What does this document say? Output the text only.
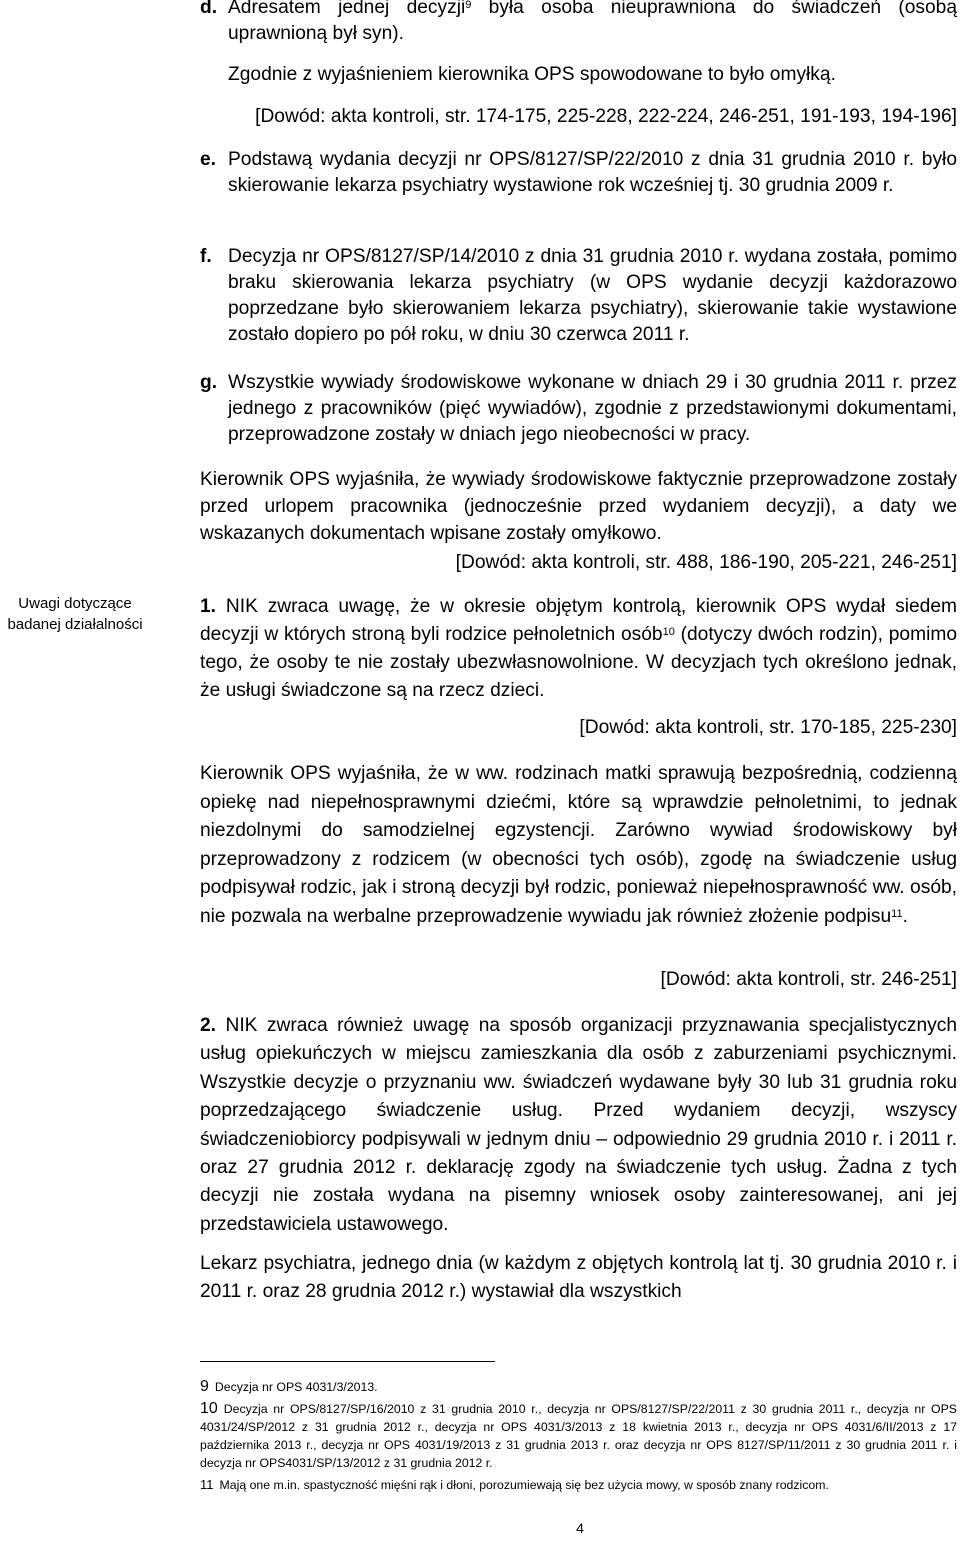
Uwagi dotyczące
badanej działalności
d. Adresatem jednej decyzji$^9$ była osoba nieuprawniona do świadczeń (osobą uprawnioną był syn).
Zgodnie z wyjaśnieniem kierownika OPS spowodowane to było omyłką.
[Dowód: akta kontroli, str. 174-175, 225-228, 222-224, 246-251, 191-193, 194-196]
e. Podstawą wydania decyzji nr OPS/8127/SP/22/2010 z dnia 31 grudnia 2010 r. było skierowanie lekarza psychiatry wystawione rok wcześniej tj. 30 grudnia 2009 r.
f. Decyzja nr OPS/8127/SP/14/2010 z dnia 31 grudnia 2010 r. wydana została, pomimo braku skierowania lekarza psychiatry (w OPS wydanie decyzji każdorazowo poprzedzane było skierowaniem lekarza psychiatry), skierowanie takie wystawione zostało dopiero po pół roku, w dniu 30 czerwca 2011 r.
g. Wszystkie wywiady środowiskowe wykonane w dniach 29 i 30 grudnia 2011 r. przez jednego z pracowników (pięć wywiadów), zgodnie z przedstawionymi dokumentami, przeprowadzone zostały w dniach jego nieobecności w pracy.

Kierownik OPS wyjaśniła, że wywiady środowiskowe faktycznie przeprowadzone zostały przed urlopem pracownika (jednocześnie przed wydaniem decyzji), a daty we wskazanych dokumentach wpisane zostały omyłkowo.

[Dowód: akta kontroli, str. 488, 186-190, 205-221, 246-251]

1. NIK zwraca uwagę, że w okresie objętym kontrolą, kierownik OPS wydał siedem decyzji w których stroną byli rodzice pełnoletnich osób$^{10}$ (dotyczy dwóch rodzin), pomimo tego, że osoby te nie zostały ubezwłasnowolnione. W decyzjach tych określono jednak, że usługi świadczone są na rzecz dzieci.

[Dowód: akta kontroli, str. 170-185, 225-230]

Kierownik OPS wyjaśniła, że w ww. rodzinach matki sprawują bezpośrednią, codzienną opiekę nad niepełnosprawnymi dziećmi, które są wprawdzie pełnoletnimi, to jednak niezdolnymi do samodzielnej egzystencji. Zarówno wywiad środowiskowy był przeprowadzony z rodzicem (w obecności tych osób), zgodę na świadczenie usług podpisywał rodzic, jak i stroną decyzji był rodzic, ponieważ niepełnosprawność ww. osób, nie pozwala na werbalne przeprowadzenie wywiadu jak również złożenie podpisu$^{11}$.

[Dowód: akta kontroli, str. 246-251]

2. NIK zwraca również uwagę na sposób organizacji przyznawania specjalistycznych usług opiekuńczych w miejscu zamieszkania dla osób z zaburzeniami psychicznymi. Wszystkie decyzje o przyznaniu ww. świadczeń wydawane były 30 lub 31 grudnia roku poprzedzającego świadczenie usług. Przed wydaniem decyzji, wszyscy świadczeniobiorcy podpisywali w jednym dniu – odpowiednio 29 grudnia 2010 r. i 2011 r. oraz 27 grudnia 2012 r. deklarację zgody na świadczenie tych usług. Żadna z tych decyzji nie została wydana na pisemny wniosek osoby zainteresowanej, ani jej przedstawiciela ustawowego.

Lekarz psychiatra, jednego dnia (w każdym z objętych kontrolą lat tj. 30 grudnia 2010 r. i 2011 r. oraz 28 grudnia 2012 r.) wystawiał dla wszystkich

9 Decyzja nr OPS 4031/3/2013.

10 Decyzja nr OPS/8127/SP/16/2010 z 31 grudnia 2010 r., decyzja nr OPS/8127/SP/22/2011 z 30 grudnia 2011 r., decyzja nr OPS 4031/24/SP/2012 z 31 grudnia 2012 r., decyzja nr OPS 4031/3/2013 z 18 kwietnia 2013 r., decyzja nr OPS 4031/6/II/2013 z 17 października 2013 r., decyzja nr OPS 4031/19/2013 z 31 grudnia 2013 r. oraz decyzja nr OPS 8127/SP/11/2011 z 30 grudnia 2011 r. i decyzja nr OPS4031/SP/13/2012 z 31 grudnia 2012 r.

11 Mają one m.in. spastyczność mięśni rąk i dłoni, porozumiewają się bez użycia mowy, w sposób znany rodzicom.

4
